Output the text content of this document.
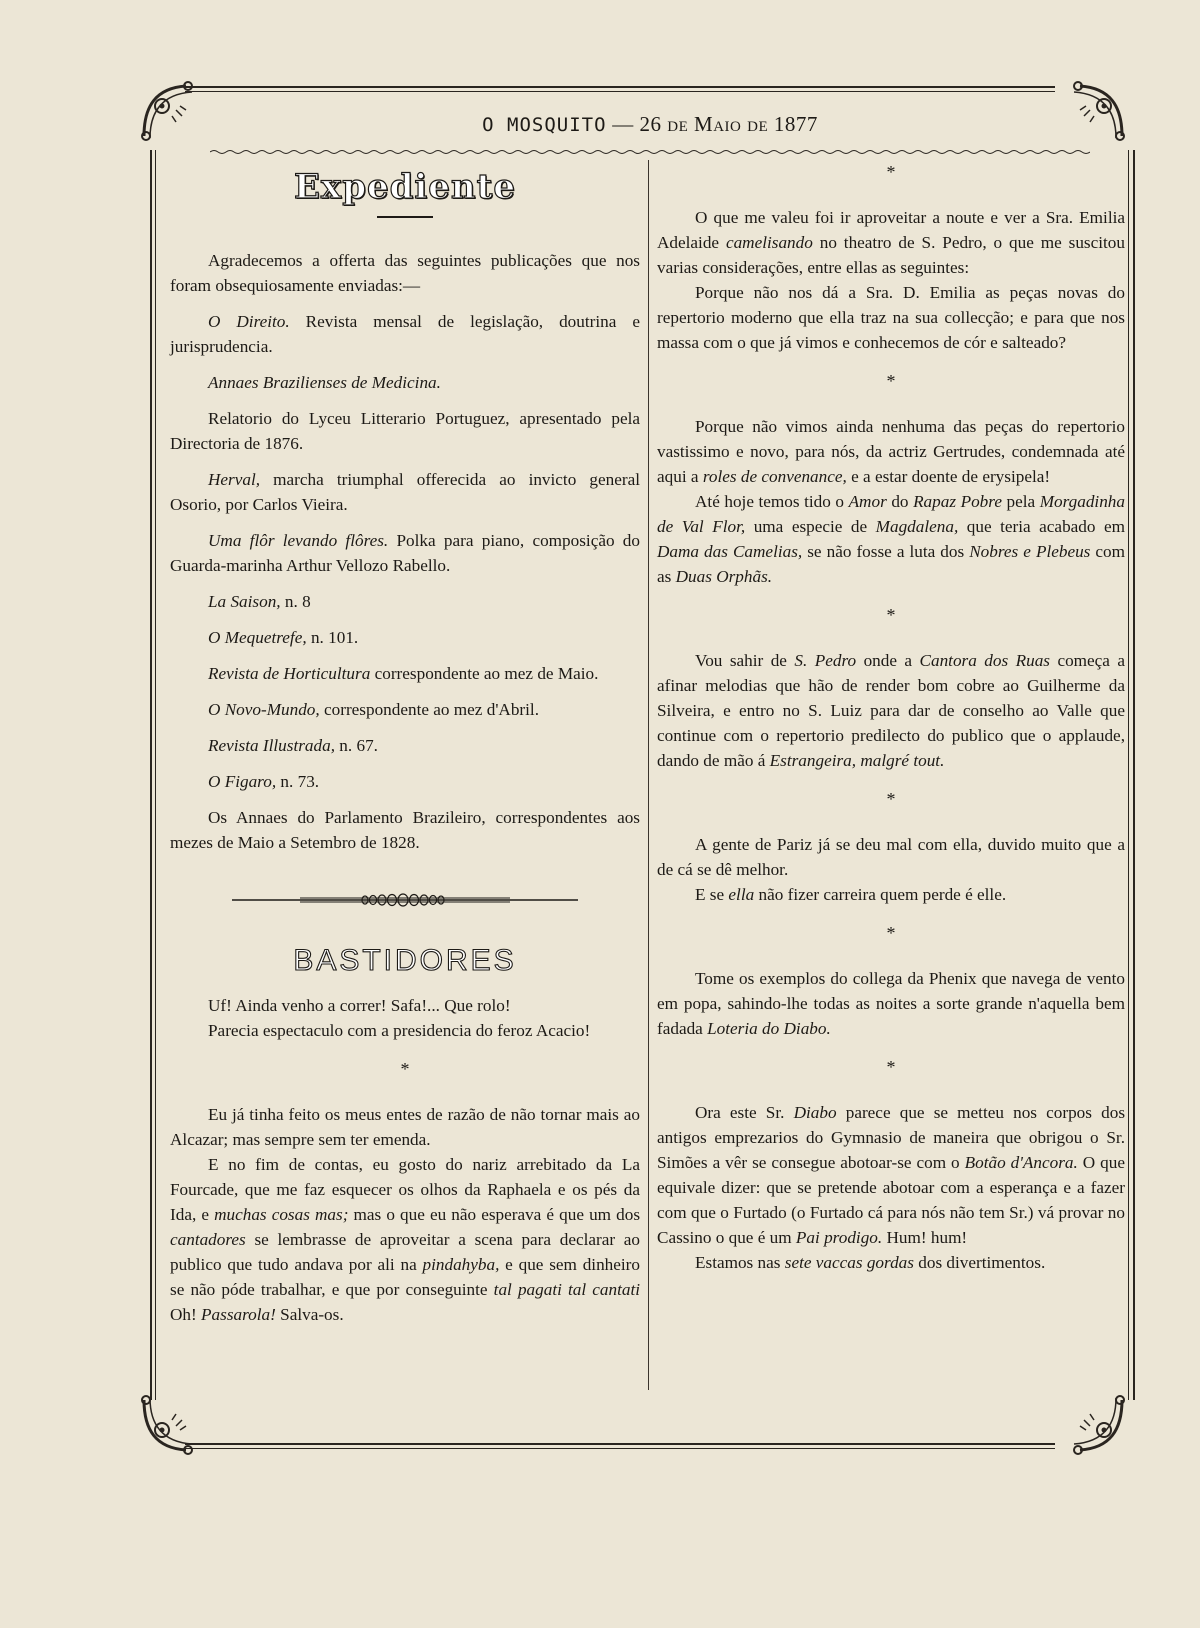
O MOSQUITO — 26 de Maio de 1877
Expediente

Agradecemos a offerta das seguintes publicações que nos foram obsequiosamente enviadas:—

O Direito. Revista mensal de legislação, doutrina e jurisprudencia.

Annaes Brazilienses de Medicina.

Relatorio do Lyceu Litterario Portuguez, apresentado pela Directoria de 1876.

Herval, marcha triumphal offerecida ao invicto general Osorio, por Carlos Vieira.

Uma flôr levando flôres. Polka para piano, composição do Guarda-marinha Arthur Vellozo Rabello.

La Saison, n. 8

O Mequetrefe, n. 101.

Revista de Horticultura correspondente ao mez de Maio.

O Novo-Mundo, correspondente ao mez d'Abril.

Revista Illustrada, n. 67.

O Figaro, n. 73.

Os Annaes do Parlamento Brazileiro, correspondentes aos mezes de Maio a Setembro de 1828.

BASTIDORES

Uf! Ainda venho a correr! Safa!... Que rolo!

Parecia espectaculo com a presidencia do feroz Acacio!

*

Eu já tinha feito os meus entes de razão de não tornar mais ao Alcazar; mas sempre sem ter emenda.

E no fim de contas, eu gosto do nariz arrebitado da La Fourcade, que me faz esquecer os olhos da Raphaela e os pés da Ida, e muchas cosas mas; mas o que eu não esperava é que um dos cantadores se lembrasse de aproveitar a scena para declarar ao publico que tudo andava por ali na pindahyba, e que sem dinheiro se não póde trabalhar, e que por conseguinte tal pagati tal cantati Oh! Passarola! Salva-os.

*

O que me valeu foi ir aproveitar a noute e ver a Sra. Emilia Adelaide camelisando no theatro de S. Pedro, o que me suscitou varias considerações, entre ellas as seguintes:

Porque não nos dá a Sra. D. Emilia as peças novas do repertorio moderno que ella traz na sua collecção; e para que nos massa com o que já vimos e conhecemos de cór e salteado?

*

Porque não vimos ainda nenhuma das peças do repertorio vastissimo e novo, para nós, da actriz Gertrudes, condemnada até aqui a roles de convenance, e a estar doente de erysipela!

Até hoje temos tido o Amor do Rapaz Pobre pela Morgadinha de Val Flor, uma especie de Magdalena, que teria acabado em Dama das Camelias, se não fosse a luta dos Nobres e Plebeus com as Duas Orphãs.

*

Vou sahir de S. Pedro onde a Cantora dos Ruas começa a afinar melodias que hão de render bom cobre ao Guilherme da Silveira, e entro no S. Luiz para dar de conselho ao Valle que continue com o repertorio predilecto do publico que o applaude, dando de mão á Estrangeira, malgré tout.

*

A gente de Pariz já se deu mal com ella, duvido muito que a de cá se dê melhor.

E se ella não fizer carreira quem perde é elle.

*

Tome os exemplos do collega da Phenix que navega de vento em popa, sahindo-lhe todas as noites a sorte grande n'aquella bem fadada Loteria do Diabo.

*

Ora este Sr. Diabo parece que se metteu nos corpos dos antigos emprezarios do Gymnasio de maneira que obrigou o Sr. Simões a vêr se consegue abotoar-se com o Botão d'Ancora. O que equivale dizer: que se pretende abotoar com a esperança e a fazer com que o Furtado (o Furtado cá para nós não tem Sr.) vá provar no Cassino o que é um Pai prodigo. Hum! hum!

Estamos nas sete vaccas gordas dos divertimentos.
